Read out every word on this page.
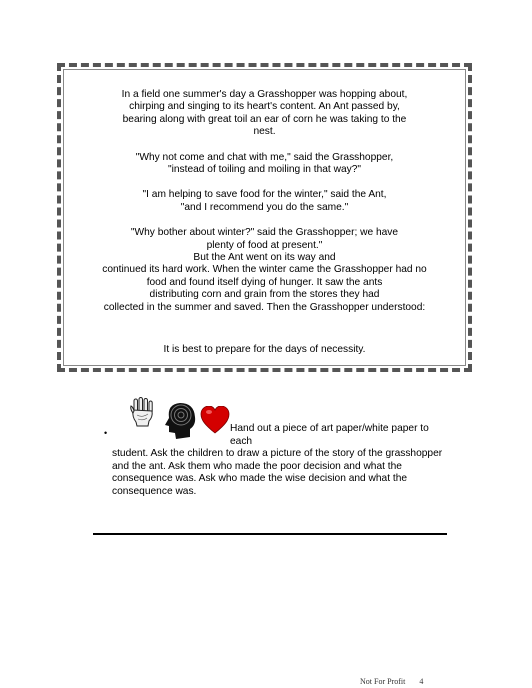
In a field one summer's day a Grasshopper was hopping about,
chirping and singing to its heart's content. An Ant passed by,
bearing along with great toil an ear of corn he was taking to the
nest.

"Why not come and chat with me," said the Grasshopper,
"instead of toiling and moiling in that way?"

"I am helping to save food for the winter," said the Ant,
"and I recommend you do the same."

"Why bother about winter?" said the Grasshopper; we have
plenty of food at present."
But the Ant went on its way and
continued its hard work. When the winter came the Grasshopper had no
food and found itself dying of hunger. It saw the ants
distributing corn and grain from the stores they had
collected in the summer and saved. Then the Grasshopper understood:

It is best to prepare for the days of necessity.

•	Hand out a piece of art paper/white paper to each
student. Ask the children to draw a picture of the story of the grasshopper
and the ant. Ask them who made the poor decision and what the
consequence was. Ask who made the wise decision and what the
consequence was.
Not For Profit 4
